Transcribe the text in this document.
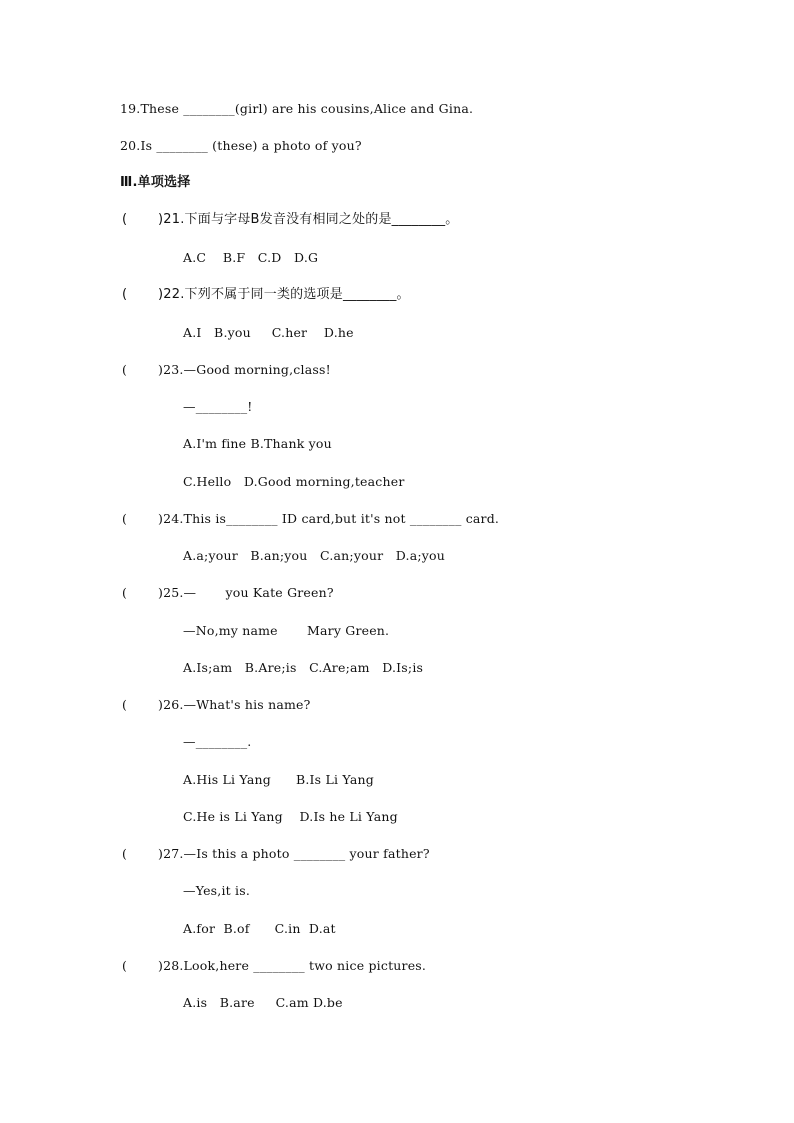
19.These ________(girl) are his cousins,Alice and Gina.
20.Is ________ (these) a photo of you?
Ⅲ.单项选择
( )21.下面与字母B发音没有相同之处的是________。
A.C    B.F   C.D   D.G
( )22.下列不属于同一类的选项是________。
A.I   B.you     C.her    D.he
( )23.—Good morning,class!
—________!
A.I'm fine B.Thank you
C.Hello   D.Good morning,teacher
( )24.This is________ ID card,but it's not ________ card.
A.a;your   B.an;you   C.an;your   D.a;you
( )25.—       you Kate Green?
—No,my name       Mary Green.
A.Is;am   B.Are;is   C.Are;am   D.Is;is
( )26.—What's his name?
—________.
A.His Li Yang      B.Is Li Yang
C.He is Li Yang    D.Is he Li Yang
( )27.—Is this a photo ________ your father?
—Yes,it is.
A.for  B.of      C.in  D.at
( )28.Look,here ________ two nice pictures.
A.is   B.are     C.am D.be
